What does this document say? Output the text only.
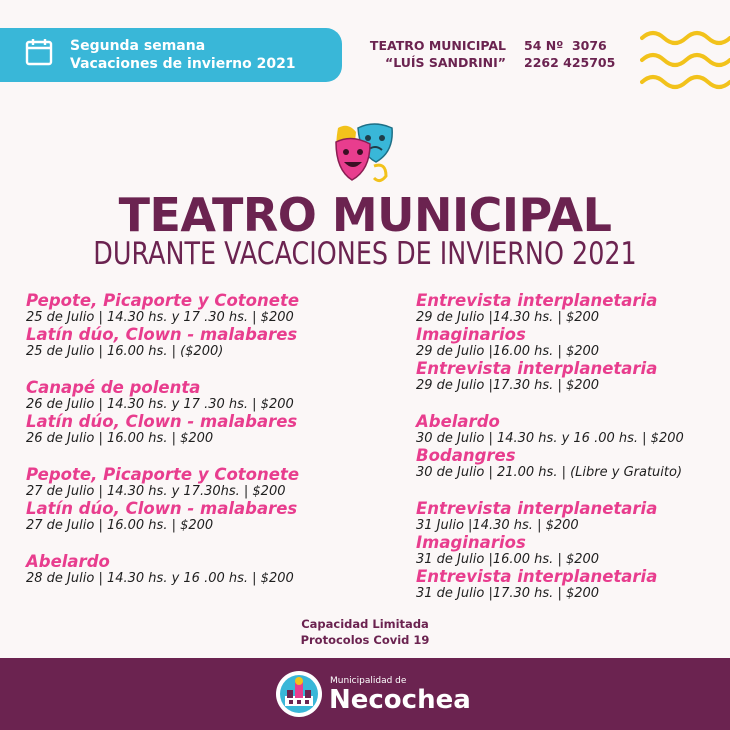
Segunda semana
Vacaciones de invierno 2021
TEATRO MUNICIPAL
“LUÍS SANDRINI”
54 Nº  3076
2262 425705
TEATRO MUNICIPAL
DURANTE VACACIONES DE INVIERNO 2021
Pepote, Picaporte y Cotonete
25 de Julio | 14.30 hs. y 17 .30 hs. | $200
Latín dúo, Clown - malabares
25 de Julio | 16.00 hs. | ($200)
Canapé de polenta
26 de Julio | 14.30 hs. y 17 .30 hs. | $200
Latín dúo, Clown - malabares
26 de Julio | 16.00 hs. | $200
Pepote, Picaporte y Cotonete
27 de Julio | 14.30 hs. y 17.30hs. | $200
Latín dúo, Clown - malabares
27 de Julio | 16.00 hs. | $200
Abelardo
28 de Julio | 14.30 hs. y 16 .00 hs. | $200
Entrevista interplanetaria
29 de Julio |14.30 hs. | $200
Imaginarios
29 de Julio |16.00 hs. | $200
Entrevista interplanetaria
29 de Julio |17.30 hs. | $200
Abelardo
30 de Julio | 14.30 hs. y 16 .00 hs. | $200
Bodangres
30 de Julio | 21.00 hs. | (Libre y Gratuito)
Entrevista interplanetaria
31 Julio |14.30 hs. | $200
Imaginarios
31 de Julio |16.00 hs. | $200
Entrevista interplanetaria
31 de Julio |17.30 hs. | $200
Capacidad Limitada
Protocolos Covid 19
Municipalidad de
Necochea
